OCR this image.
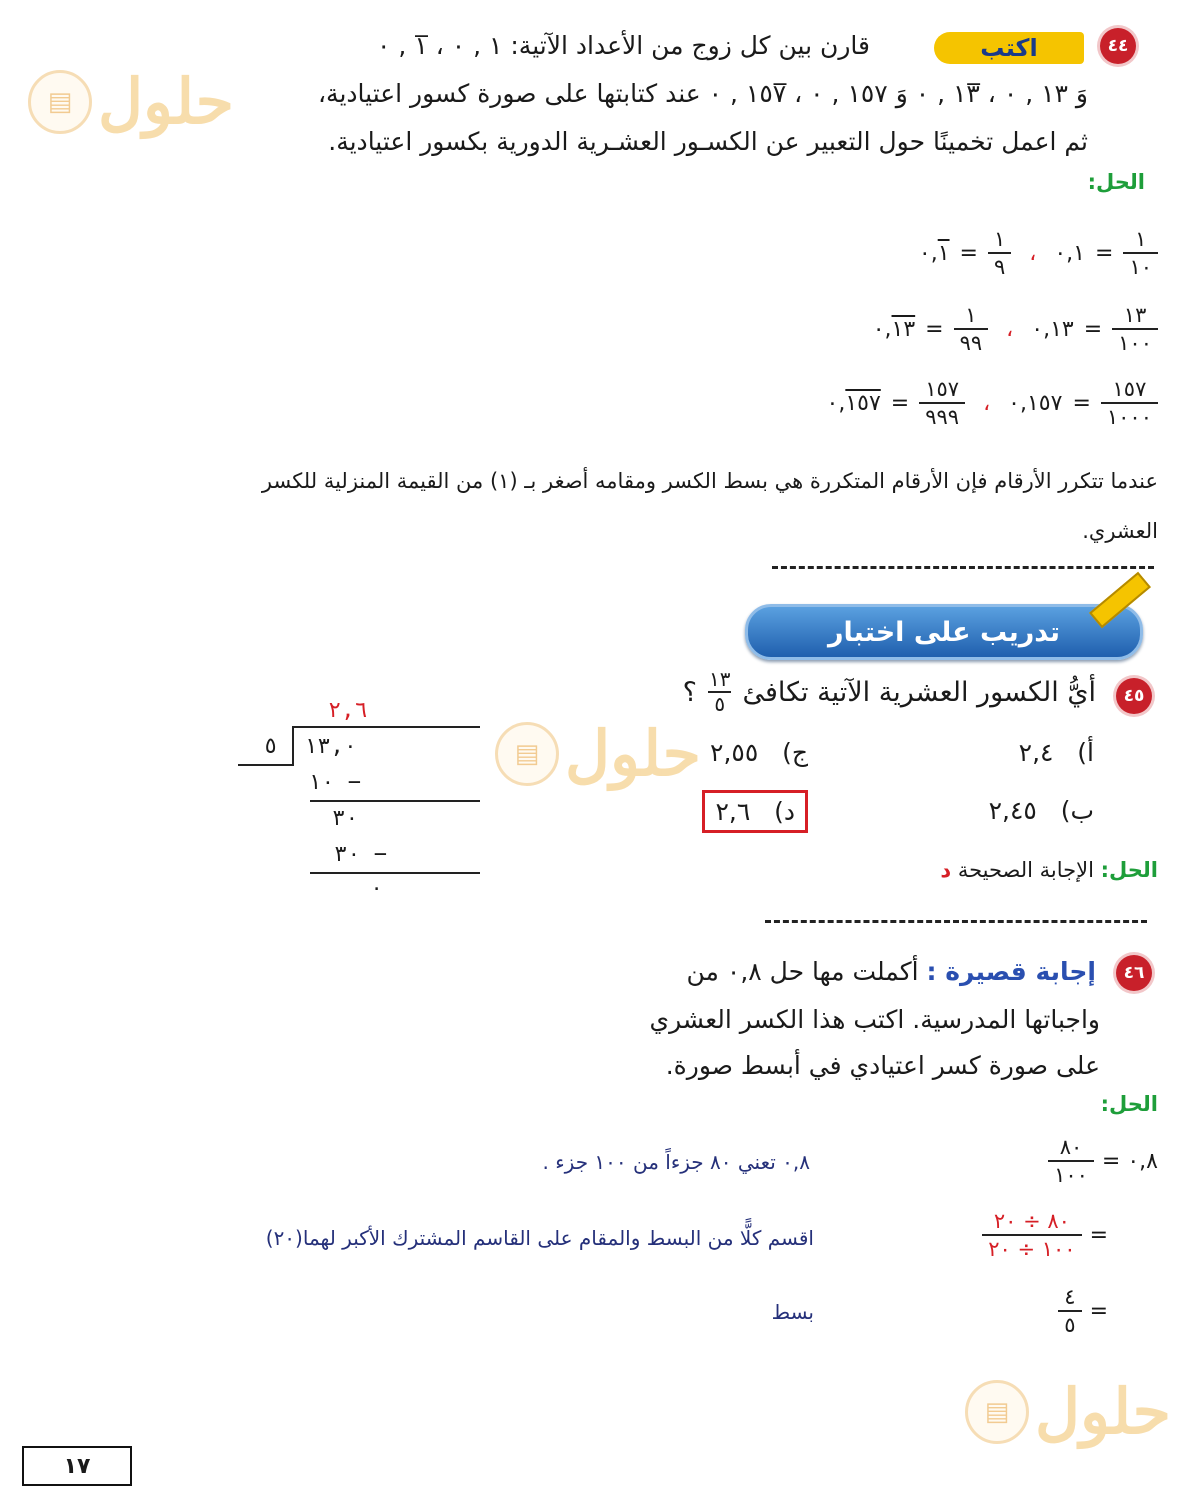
▤ حلول
▤ حلول
▤ حلول
٤٤
اكتب
قارن بين كل زوج من الأعداد الآتية: ١ , ٠ ، ١̅ , ٠
وَ ١٣ , ٠ ، ١٣̅ , ٠ وَ ١٥٧ , ٠ ، ١٥٧̅ , ٠ عند كتابتها على صورة كسور اعتيادية،
ثم اعمل تخمينًا حول التعبير عن الكسـور العشـرية الدورية بكسور اعتيادية.
الحل:
٠,١ = $\frac{١}{٩}$ ، ٠,١ = $\frac{١}{١٠}$
٠,١٣ = $\frac{١}{٩٩}$ ، ٠,١٣ = $\frac{١٣}{١٠٠}$
٠,١٥٧ = $\frac{١٥٧}{٩٩٩}$ ، ٠,١٥٧ = $\frac{١٥٧}{١٠٠٠}$
عندما تتكرر الأرقام فإن الأرقام المتكررة هي بسط الكسر ومقامه أصغر بـ (١) من القيمة المنزلية للكسر
العشري.
تدريب على اختبار
٤٥
أيُّ الكسور العشرية الآتية تكافئ
$\frac{١٣}{٥}$
؟
أ)   ٢,٤
ج)   ٢,٥٥
ب)   ٢,٤٥
د)   ٢,٦
الحل: الإجابة الصحيحة د
٢,٦
٥ ١٣,٠
١٠ −
٣٠
٣٠ −
٠
٤٦
إجابة قصيرة : أكملت مها حل ٠,٨ من
واجباتها المدرسية. اكتب هذا الكسر العشري
على صورة كسر اعتيادي في أبسط صورة.
الحل:
٠,٨ =
$\frac{٨٠}{١٠٠}$
٠,٨ تعني ٨٠ جزءاً من ١٠٠ جزء .
=
$\frac{٨٠ \div ٢٠}{١٠٠ \div ٢٠}$
اقسم كلًّا من البسط والمقام على القاسم المشترك الأكبر لهما(٢٠)
=
$\frac{٤}{٥}$
بسط
١٧
